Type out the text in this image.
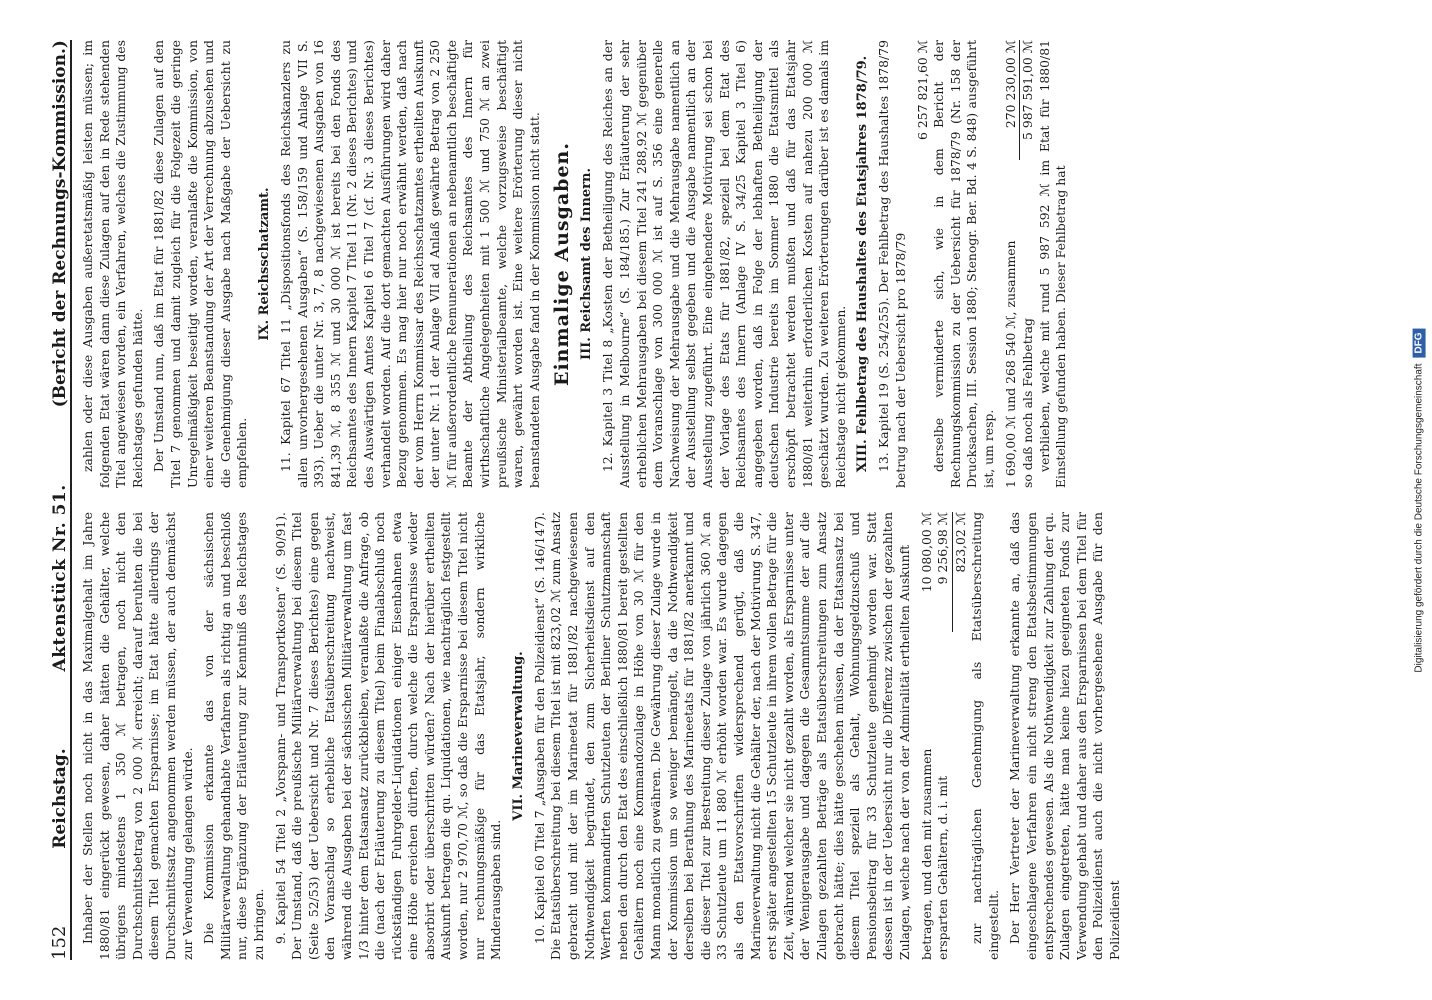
152
Reichstag.
Aktenstück Nr. 51.
(Bericht der Rechnungs-Kommission.)

Inhaber der Stellen noch nicht in das Maximalgehalt im Jahre 1880/81 eingerückt gewesen, daher hätten die Gehälter, welche übrigens mindestens 1 350 ℳ betragen, noch nicht den Durchschnittsbetrag von 2 000 ℳ erreicht; darauf beruhten die bei diesem Titel gemachten Ersparnisse; im Etat hätte allerdings der Durchschnittssatz angenommen werden müssen, der auch demnächst zur Verwendung gelangen würde. Die Kommission erkannte das von der sächsischen Militärverwaltung gehandhabte Verfahren als richtig an und beschloß nur, diese Ergänzung der Erläuterung zur Kenntniß des Reichstages zu bringen. 9. Kapitel 54 Titel 2 „Vorspann- und Transportkosten“ (S. 90/91). Der Umstand, daß die preußische Militärverwaltung bei diesem Titel (Seite 52/53) der Uebersicht und Nr. 7 dieses Berichtes) eine gegen den Voranschlag so erhebliche Etatsüberschreitung nachweist, während die Ausgaben bei der sächsischen Militärverwaltung um fast 1/3 hinter dem Etatsansatz zurückbleiben, veranlaßte die Anfrage, ob die (nach der Erläuterung zu diesem Titel) beim Finalabschluß noch rückständigen Fuhrgelder-Liquidationen einiger Eisenbahnen etwa eine Höhe erreichen dürften, durch welche die Ersparnisse wieder absorbirt oder überschritten würden? Nach der hierüber ertheilten Auskunft betragen die qu. Liquidationen, wie nachträglich festgestellt worden, nur 2 970,70 ℳ, so daß die Ersparnisse bei diesem Titel nicht nur rechnungsmäßige für das Etatsjahr, sondern wirkliche Minderausgaben sind.

VII. Marineverwaltung. 10. Kapitel 60 Titel 7 „Ausgaben für den Polizeidienst“ (S. 146/147). Die Etatsüberschreitung bei diesem Titel ist mit 823,02 ℳ zum Ansatz gebracht und mit der im Marineetat für 1881/82 nachgewiesenen Nothwendigkeit begründet, den zum Sicherheitsdienst auf den Werften kommandirten Schutzleuten der Berliner Schutzmannschaft neben den durch den Etat des einschließlich 1880/81 bereit gestellten Gehältern noch eine Kommandozulage in Höhe von 30 ℳ für den Mann monatlich zu gewähren. Die Gewährung dieser Zulage wurde in der Kommission um so weniger bemängelt, da die Nothwendigkeit derselben bei Berathung des Marineetats für 1881/82 anerkannt und die dieser Titel zur Bestreitung dieser Zulage von jährlich 360 ℳ an 33 Schutzleute um 11 880 ℳ erhöht worden war. Es wurde dagegen als den Etatsvorschriften widersprechend gerügt, daß die Marineverwaltung nicht die Gehälter der, nach der Motivirung S. 347, erst später angestellten 15 Schutzleute in ihrem vollen Betrage für die Zeit, während welcher sie nicht gezahlt worden, als Ersparnisse unter der Wenigerausgabe und dagegen die Gesammtsumme der auf die Zulagen gezahlten Beträge als Etatsüberschreitungen zum Ansatz gebracht hätte; dies hätte geschehen müssen, da der Etatsansatz bei diesem Titel speziell als Gehalt, Wohnungsgeldzuschuß und Pensionsbeitrag für 33 Schutzleute genehmigt worden war. Statt dessen ist in der Uebersicht nur die Differenz zwischen der gezahlten Zulagen, welche nach der von der Admiralität ertheilten Auskunft betragen, und den mit zusammen
10 080,00 ℳ
ersparten Gehältern, d. i. mit
9 256,98 ℳ 823,02 ℳ zur nachträglichen Genehmigung als Etatsüberschreitung eingestellt. Der Herr Vertreter der Marineverwaltung erkannte an, daß das eingeschlagene Verfahren ein nicht streng den Etatsbestimmungen entsprechendes gewesen. Als die Nothwendigkeit zur Zahlung der qu. Zulagen eingetreten, hätte man keine hiezu geeigneten Fonds zur Verwendung gehabt und daher aus den Ersparnissen bei dem Titel für den Polizeidienst auch die nicht vorhergesehene Ausgabe für den Polizeidienst

zahlen oder diese Ausgaben außeretatsmäßig leisten müssen; im folgenden Etat wären dann diese Zulagen auf den in Rede stehenden Titel angewiesen worden, ein Verfahren, welches die Zustimmung des Reichstages gefunden hätte. Der Umstand nun, daß im Etat für 1881/82 diese Zulagen auf den Titel 7 genommen und damit zugleich für die Folgezeit die geringe Unregelmäßigkeit beseitigt worden, veranlaßte die Kommission, von einer weiteren Beanstandung der Art der Verrechnung abzusehen und die Genehmigung dieser Ausgabe nach Maßgabe der Uebersicht zu empfehlen.

IX. Reichsschatzamt. 11. Kapitel 67 Titel 11 „Dispositionsfonds des Reichskanzlers zu allen unvorhergesehenen Ausgaben“ (S. 158/159 und Anlage VII S. 393). Ueber die unter Nr. 3, 7, 8 nachgewiesenen Ausgaben von 16 841,39 ℳ, 8 355 ℳ und 30 000 ℳ ist bereits bei den Fonds des Reichsamtes des Innern Kapitel 7 Titel 11 (Nr. 2 dieses Berichtes) und des Auswärtigen Amtes Kapitel 6 Titel 7 (cf. Nr. 3 dieses Berichtes) verhandelt worden. Auf die dort gemachten Ausführungen wird daher Bezug genommen. Es mag hier nur noch erwähnt werden, daß nach der vom Herrn Kommissar des Reichsschatzamtes ertheilten Auskunft der unter Nr. 11 der Anlage VII ad Anlaß gewährte Betrag von 2 250 ℳ für außerordentliche Remunerationen an nebenamtlich beschäftigte Beamte der Abtheilung des Reichsamtes des Innern für wirthschaftliche Angelegenheiten mit 1 500 ℳ und 750 ℳ an zwei preußische Ministerialbeamte, welche vorzugsweise beschäftigt waren, gewährt worden ist. Eine weitere Erörterung dieser nicht beanstandeten Ausgabe fand in der Kommission nicht statt. Einmalige Ausgaben. III. Reichsamt des Innern. 12. Kapitel 3 Titel 8 „Kosten der Betheiligung des Reiches an der Ausstellung in Melbourne“ (S. 184/185.) Zur Erläuterung der sehr erheblichen Mehrausgaben bei diesem Titel 241 288,92 ℳ gegenüber dem Voranschlage von 300 000 ℳ ist auf S. 356 eine generelle Nachweisung der Mehrausgabe und die Mehrausgabe namentlich an der Ausstellung selbst gegeben und die Ausgabe namentlich an der Ausstellung zugeführt. Eine eingehendere Motivirung sei schon bei der Vorlage des Etats für 1881/82, speziell bei dem Etat des Reichsamtes des Innern (Anlage IV S. 34/25 Kapitel 3 Titel 6) angegeben worden, daß in Folge der lebhaften Betheiligung der deutschen Industrie bereits im Sommer 1880 die Etatsmittel als erschöpft betrachtet werden mußten und daß für das Etatsjahr 1880/81 weiterhin erforderlichen Kosten auf nahezu 200 000 ℳ geschätzt wurden. Zu weiteren Erörterungen darüber ist es damals im Reichstage nicht gekommen. XIII. Fehlbetrag des Haushaltes des Etatsjahres 1878/79. 13. Kapitel 19 (S. 254/255). Der Fehlbetrag des Haushaltes 1878/79 betrug nach der Uebersicht pro 1878/79

6 257 821,60 ℳ derselbe verminderte sich, wie in dem Bericht der Rechnungskommission zu der Uebersicht für 1878/79 (Nr. 158 der Drucksachen, III. Session 1880; Stenogr. Ber. Bd. 4 S. 848) ausgeführt ist, um resp. 1 690,00 ℳ und 268 540 ℳ, zusammen
270 230,00 ℳ
so daß noch als Fehlbetrag
5 987 591,00 ℳ verblieben, welche mit rund 5 987 592 ℳ im Etat für 1880/81 Einstellung gefunden haben. Dieser Fehlbetrag hat

Digitalisierung gefördert durch die Deutsche ForschungsgemeinschaftDFG
